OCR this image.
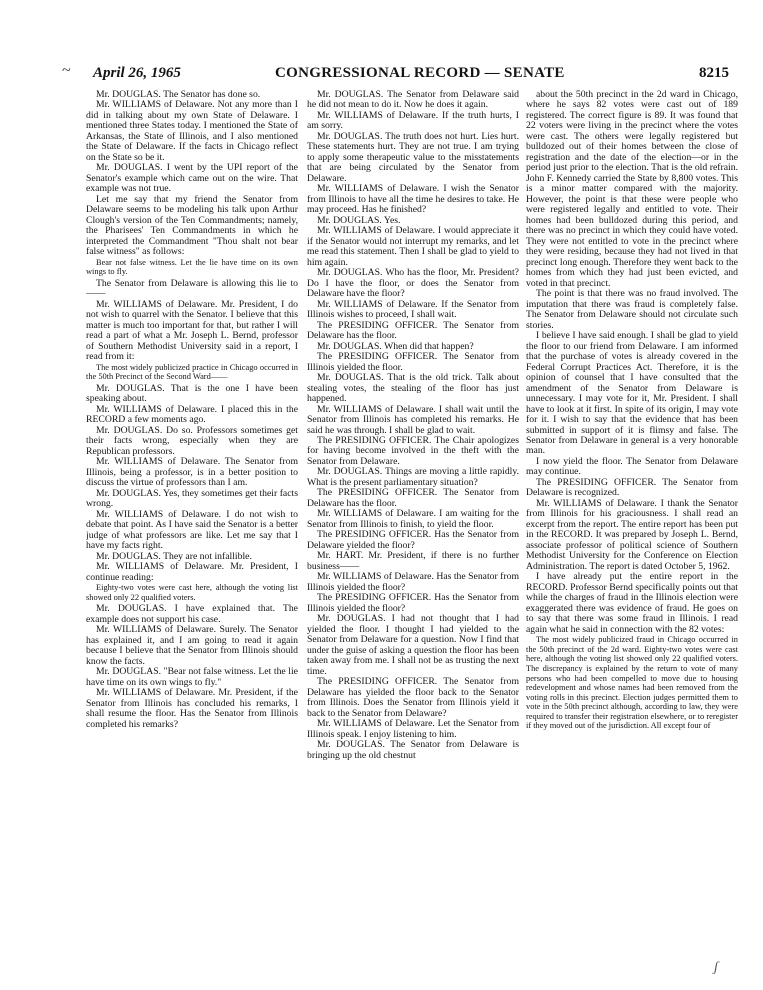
~ April 26, 1965	CONGRESSIONAL RECORD — SENATE	8215

Mr. DOUGLAS. The Senator has done so.

Mr. WILLIAMS of Delaware. Not any more than I did in talking about my own State of Delaware. I mentioned three States today. I mentioned the State of Arkansas, the State of Illinois, and I also mentioned the State of Delaware. If the facts in Chicago reflect on the State so be it.

Mr. DOUGLAS. I went by the UPI report of the Senator's example which came out on the wire. That example was not true.

Let me say that my friend the Senator from Delaware seems to be modeling his talk upon Arthur Clough's version of the Ten Commandments; namely, the Pharisees' Ten Commandments in which he interpreted the Commandment "Thou shalt not bear false witness" as follows:

Bear not false witness. Let the lie have time on its own wings to fly.

The Senator from Delaware is allowing this lie to——

Mr. WILLIAMS of Delaware. Mr. President, I do not wish to quarrel with the Senator. I believe that this matter is much too important for that, but rather I will read a part of what a Mr. Joseph L. Bernd, professor of Southern Methodist University said in a report, I read from it:

The most widely publicized practice in Chicago occurred in the 50th Precinct of the Second Ward——

Mr. DOUGLAS. That is the one I have been speaking about.

Mr. WILLIAMS of Delaware. I placed this in the RECORD a few moments ago.

Mr. DOUGLAS. Do so. Professors sometimes get their facts wrong, especially when they are Republican professors.

Mr. WILLIAMS of Delaware. The Senator from Illinois, being a professor, is in a better position to discuss the virtue of professors than I am.

Mr. DOUGLAS. Yes, they sometimes get their facts wrong.

Mr. WILLIAMS of Delaware. I do not wish to debate that point. As I have said the Senator is a better judge of what professors are like. Let me say that I have my facts right.

Mr. DOUGLAS. They are not infallible.

Mr. WILLIAMS of Delaware. Mr. President, I continue reading:

Eighty-two votes were cast here, although the voting list showed only 22 qualified voters.

Mr. DOUGLAS. I have explained that. The example does not support his case.

Mr. WILLIAMS of Delaware. Surely. The Senator has explained it, and I am going to read it again because I believe that the Senator from Illinois should know the facts.

Mr. DOUGLAS. "Bear not false witness. Let the lie have time on its own wings to fly."

Mr. WILLIAMS of Delaware. Mr. President, if the Senator from Illinois has concluded his remarks, I shall resume the floor. Has the Senator from Illinois completed his remarks?

Mr. DOUGLAS. The Senator from Delaware said he did not mean to do it. Now he does it again.

Mr. WILLIAMS of Delaware. If the truth hurts, I am sorry.

Mr. DOUGLAS. The truth does not hurt. Lies hurt. These statements hurt. They are not true. I am trying to apply some therapeutic value to the misstatements that are being circulated by the Senator from Delaware.

Mr. WILLIAMS of Delaware. I wish the Senator from Illinois to have all the time he desires to take. He may proceed. Has he finished?

Mr. DOUGLAS. Yes.

Mr. WILLIAMS of Delaware. I would appreciate it if the Senator would not interrupt my remarks, and let me read this statement. Then I shall be glad to yield to him again.

Mr. DOUGLAS. Who has the floor, Mr. President? Do I have the floor, or does the Senator from Delaware have the floor?

Mr. WILLIAMS of Delaware. If the Senator from Illinois wishes to proceed, I shall wait.

The PRESIDING OFFICER. The Senator from Delaware has the floor.

Mr. DOUGLAS. When did that happen?

The PRESIDING OFFICER. The Senator from Illinois yielded the floor.

Mr. DOUGLAS. That is the old trick. Talk about stealing votes, the stealing of the floor has just happened.

Mr. WILLIAMS of Delaware. I shall wait until the Senator from Illinois has completed his remarks. He said he was through. I shall be glad to wait.

The PRESIDING OFFICER. The Chair apologizes for having become involved in the theft with the Senator from Delaware.

Mr. DOUGLAS. Things are moving a little rapidly. What is the present parliamentary situation?

The PRESIDING OFFICER. The Senator from Delaware has the floor.

Mr. WILLIAMS of Delaware. I am waiting for the Senator from Illinois to finish, to yield the floor.

The PRESIDING OFFICER. Has the Senator from Delaware yielded the floor?

Mr. HART. Mr. President, if there is no further business——

Mr. WILLIAMS of Delaware. Has the Senator from Illinois yielded the floor?

The PRESIDING OFFICER. Has the Senator from Illinois yielded the floor?

Mr. DOUGLAS. I had not thought that I had yielded the floor. I thought I had yielded to the Senator from Delaware for a question. Now I find that under the guise of asking a question the floor has been taken away from me. I shall not be as trusting the next time.

The PRESIDING OFFICER. The Senator from Delaware has yielded the floor back to the Senator from Illinois. Does the Senator from Illinois yield it back to the Senator from Delaware?

Mr. WILLIAMS of Delaware. Let the Senator from Illinois speak. I enjoy listening to him.

Mr. DOUGLAS. The Senator from Delaware is bringing up the old chestnut

about the 50th precinct in the 2d ward in Chicago, where he says 82 votes were cast out of 189 registered. The correct figure is 89. It was found that 22 voters were living in the precinct where the votes were cast. The others were legally registered but bulldozed out of their homes between the close of registration and the date of the election—or in the period just prior to the election. That is the old refrain. John F. Kennedy carried the State by 8,800 votes. This is a minor matter compared with the majority. However, the point is that these were people who were registered legally and entitled to vote. Their homes had been bulldozed during this period, and there was no precinct in which they could have voted. They were not entitled to vote in the precinct where they were residing, because they had not lived in that precinct long enough. Therefore they went back to the homes from which they had just been evicted, and voted in that precinct.

The point is that there was no fraud involved. The imputation that there was fraud is completely false. The Senator from Delaware should not circulate such stories.

I believe I have said enough. I shall be glad to yield the floor to our friend from Delaware. I am informed that the purchase of votes is already covered in the Federal Corrupt Practices Act. Therefore, it is the opinion of counsel that I have consulted that the amendment of the Senator from Delaware is unnecessary. I may vote for it, Mr. President. I shall have to look at it first. In spite of its origin, I may vote for it. I wish to say that the evidence that has been submitted in support of it is flimsy and false. The Senator from Delaware in general is a very honorable man.

I now yield the floor. The Senator from Delaware may continue.

The PRESIDING OFFICER. The Senator from Delaware is recognized.

Mr. WILLIAMS of Delaware. I thank the Senator from Illinois for his graciousness. I shall read an excerpt from the report. The entire report has been put in the RECORD. It was prepared by Joseph L. Bernd, associate professor of political science of Southern Methodist University for the Conference on Election Administration. The report is dated October 5, 1962.

I have already put the entire report in the RECORD. Professor Bernd specifically points out that while the charges of fraud in the Illinois election were exaggerated there was evidence of fraud. He goes on to say that there was some fraud in Illinois. I read again what he said in connection with the 82 votes:

The most widely publicized fraud in Chicago occurred in the 50th precinct of the 2d ward. Eighty-two votes were cast here, although the voting list showed only 22 qualified voters. The discrepancy is explained by the return to vote of many persons who had been compelled to move due to housing redevelopment and whose names had been removed from the voting rolls in this precinct. Election judges permitted them to vote in the 50th precinct although, according to law, they were required to transfer their registration elsewhere, or to reregister if they moved out of the jurisdiction. All except four of

ʃ
